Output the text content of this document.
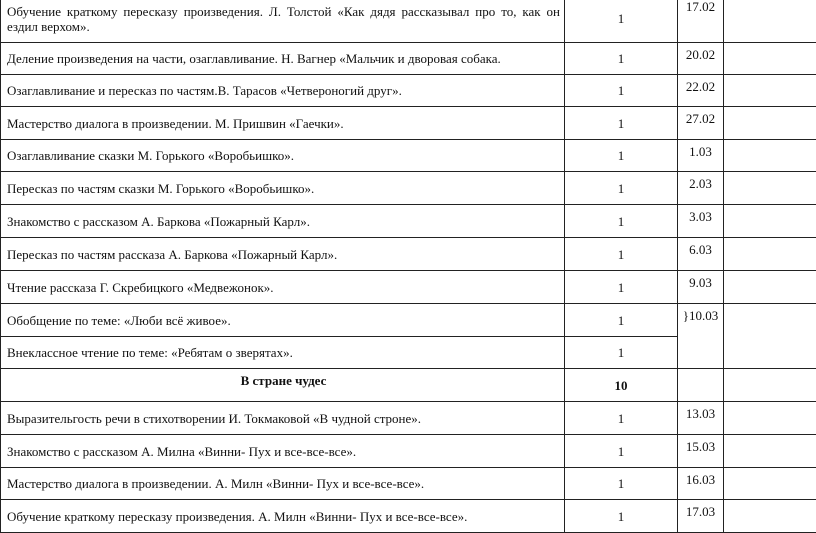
Обучение краткому пересказу произведения. Л. Толстой «Как дядя рассказывал про то, как он ездил верхом».	1	17.02	
Деление произведения на части, озаглавливание. Н. Вагнер «Мальчик и дворовая собака.	1	20.02	
Озаглавливание и пересказ по частям.В. Тарасов «Четвероногий друг».	1	22.02	
Мастерство диалога в произведении. М. Пришвин «Гаечки».	1	27.02	
Озаглавливание сказки М. Горького «Воробьишко».	1	1.03	
Пересказ по частям сказки М. Горького «Воробьишко».	1	2.03	
Знакомство с рассказом А. Баркова «Пожарный Карл».	1	3.03	
Пересказ по частям рассказа А. Баркова «Пожарный Карл».	1	6.03	
Чтение рассказа Г. Скребицкого «Медвежонок».	1	9.03	
Обобщение по теме: «Люби всё живое».	1	}10.03	
Внеклассное чтение по теме: «Ребятам о зверятах».	1		
В стране чудес	10		
Выразительгость речи в стихотворении И. Токмаковой «В чудной строне».	1	13.03	
Знакомство с рассказом А. Милна «Винни- Пух и все-все-все».	1	15.03	
Мастерство диалога в произведении. А. Милн «Винни- Пух и все-все-все».	1	16.03	
Обучение краткому пересказу произведения. А. Милн «Винни- Пух и все-все-все».	1	17.03	
